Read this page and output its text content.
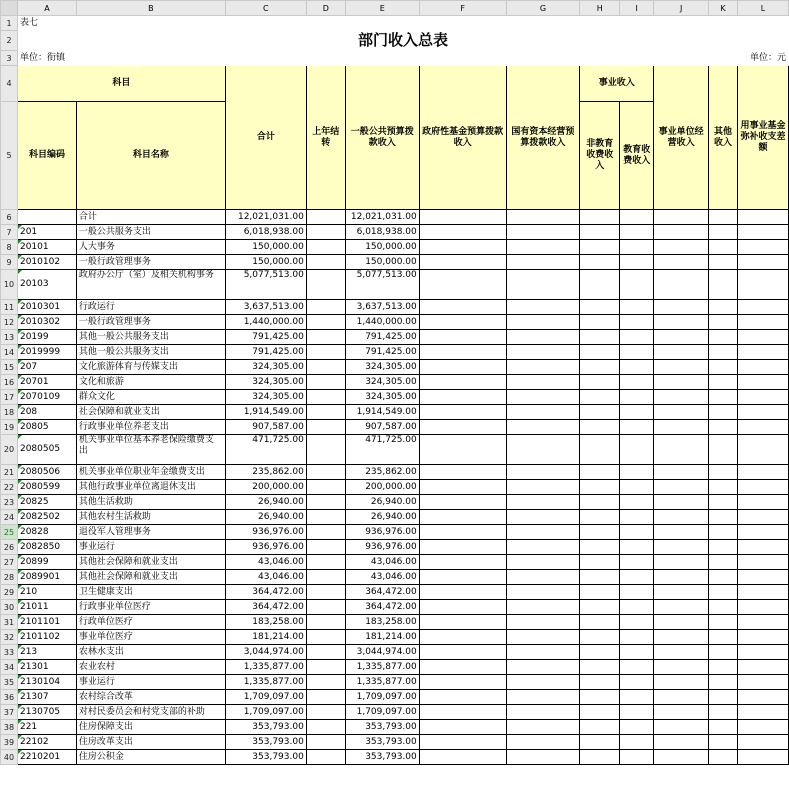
	A	B	C	D	E	F	G	H	I	J	K	L
1	表七											
2	部门收入总表											
3	单位：衔镇									单位：元		
4	科目		合计	上年结转	一般公共预算拨款收入	政府性基金预算拨款收入	国有资本经营预算拨款收入	事业收入		事业单位经营收入	其他收入	用事业基金弥补收支差额
5	科目编码	科目名称						非教育收费收入	教育收费收入			
6		合计	12,021,031.00		12,021,031.00							
7	201	一般公共服务支出	6,018,938.00		6,018,938.00							
8	20101	人大事务	150,000.00		150,000.00							
9	2010102	一般行政管理事务	150,000.00		150,000.00							
10	20103	政府办公厅（室）及相关机构事务	5,077,513.00		5,077,513.00							
11	2010301	行政运行	3,637,513.00		3,637,513.00							
12	2010302	一般行政管理事务	1,440,000.00		1,440,000.00							
13	20199	其他一般公共服务支出	791,425.00		791,425.00							
14	2019999	其他一般公共服务支出	791,425.00		791,425.00							
15	207	文化旅游体育与传媒支出	324,305.00		324,305.00							
16	20701	文化和旅游	324,305.00		324,305.00							
17	2070109	群众文化	324,305.00		324,305.00							
18	208	社会保障和就业支出	1,914,549.00		1,914,549.00							
19	20805	行政事业单位养老支出	907,587.00		907,587.00							
20	2080505	机关事业单位基本养老保险缴费支出	471,725.00		471,725.00							
21	2080506	机关事业单位职业年金缴费支出	235,862.00		235,862.00							
22	2080599	其他行政事业单位离退休支出	200,000.00		200,000.00							
23	20825	其他生活救助	26,940.00		26,940.00							
24	2082502	其他农村生活救助	26,940.00		26,940.00							
25	20828	退役军人管理事务	936,976.00		936,976.00							
26	2082850	事业运行	936,976.00		936,976.00							
27	20899	其他社会保障和就业支出	43,046.00		43,046.00							
28	2089901	其他社会保障和就业支出	43,046.00		43,046.00							
29	210	卫生健康支出	364,472.00		364,472.00							
30	21011	行政事业单位医疗	364,472.00		364,472.00							
31	2101101	行政单位医疗	183,258.00		183,258.00							
32	2101102	事业单位医疗	181,214.00		181,214.00							
33	213	农林水支出	3,044,974.00		3,044,974.00							
34	21301	农业农村	1,335,877.00		1,335,877.00							
35	2130104	事业运行	1,335,877.00		1,335,877.00							
36	21307	农村综合改革	1,709,097.00		1,709,097.00							
37	2130705	对村民委员会和村党支部的补助	1,709,097.00		1,709,097.00							
38	221	住房保障支出	353,793.00		353,793.00							
39	22102	住房改革支出	353,793.00		353,793.00							
40	2210201	住房公积金	353,793.00		353,793.00							
